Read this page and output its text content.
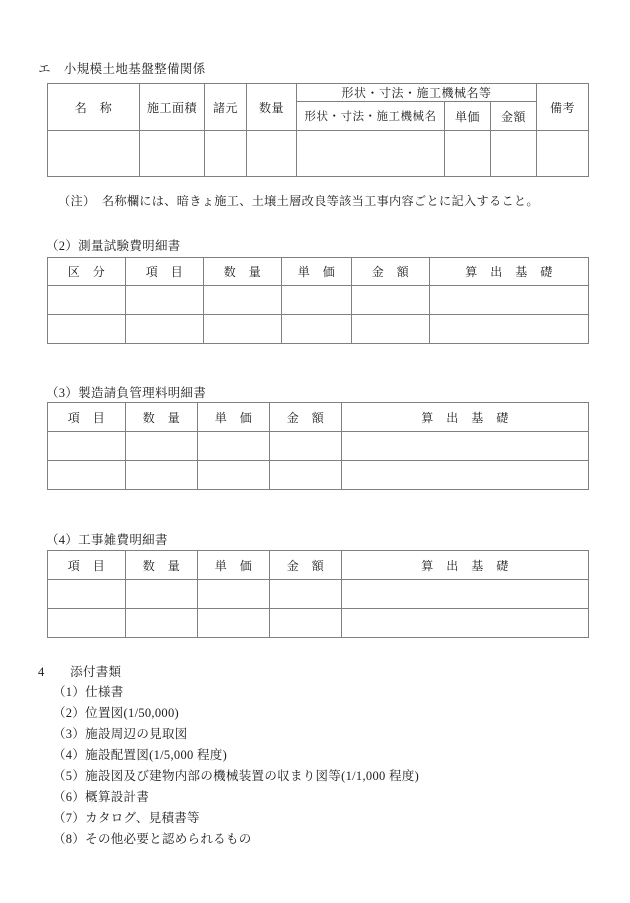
エ　小規模土地基盤整備関係
名　称	施工面積	諸元	数量	形状・寸法・施工機械名等			備考
				形状・寸法・施工機械名	単価	金額	

（注）　名称欄には、暗きょ施工、土壌土層改良等該当工事内容ごとに記入すること。
（2）測量試験費明細書
区　分	項　目	数　量	単　価	金　額	算　出　基　礎

（3）製造請負管理料明細書
項　目	数　量	単　価	金　額	算　出　基　礎

（4）工事雑費明細書
項　目	数　量	単　価	金　額	算　出　基　礎

4　　添付書類
（1）仕様書
（2）位置図(1/50,000)
（3）施設周辺の見取図
（4）施設配置図(1/5,000 程度)
（5）施設図及び建物内部の機械装置の収まり図等(1/1,000 程度)
（6）概算設計書
（7）カタログ、見積書等
（8）その他必要と認められるもの
